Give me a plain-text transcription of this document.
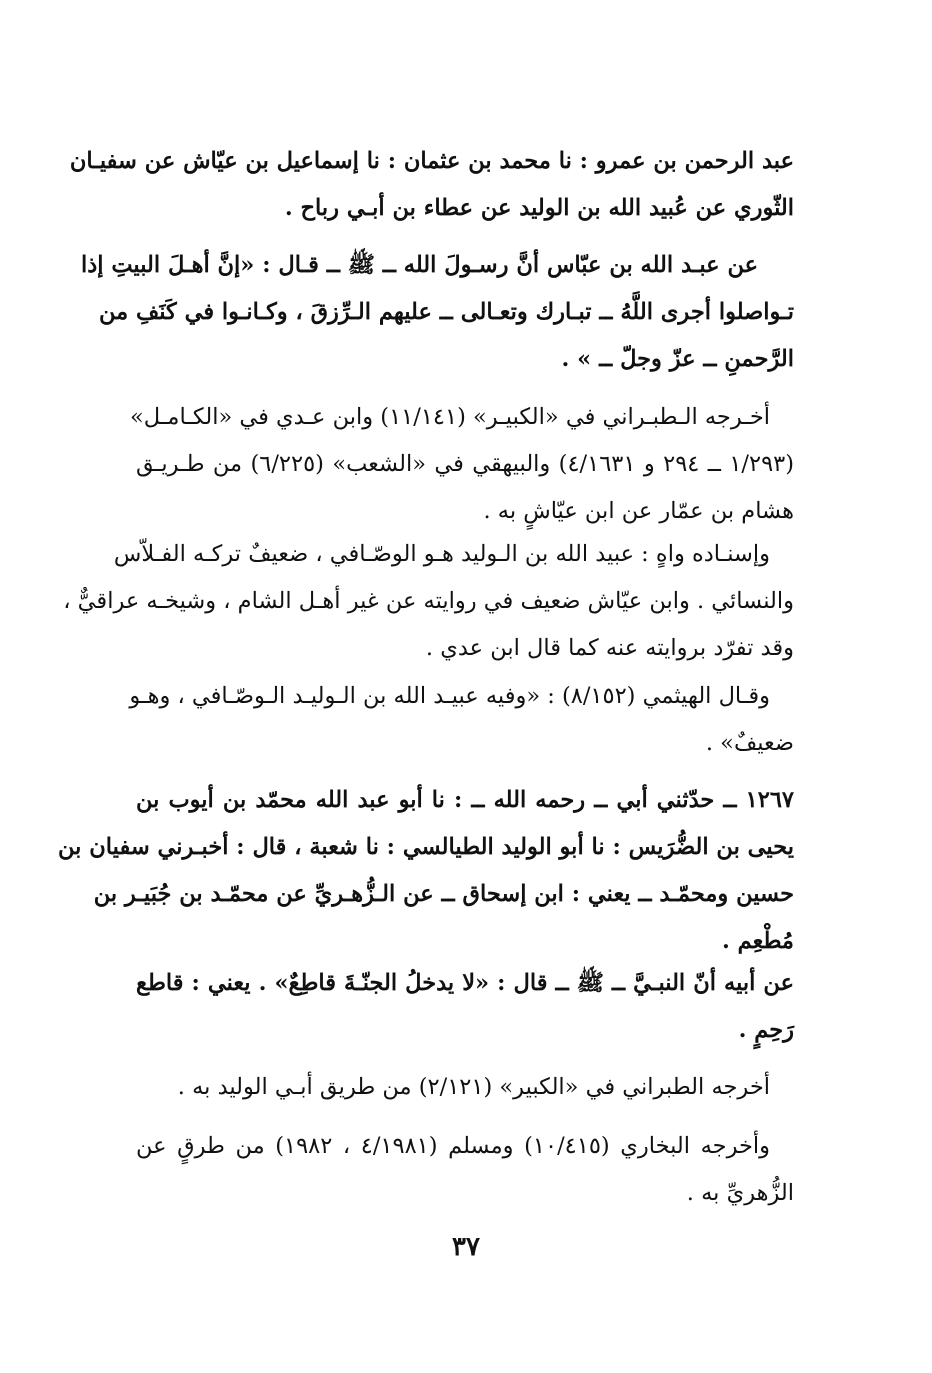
عبد الرحمن بن عمرو : نا محمد بن عثمان : نا إسماعيل بن عيّاش عن سفيـان
الثّوري عن عُبيد الله بن الوليد عن عطاء بن أبـي رباح .
عن عبـد الله بن عبّاس أنَّ رسـولَ الله ــ ﷺ ــ قـال : «إنَّ أهـلَ البيتِ إذا
تـواصلوا أجرى اللَّهُ ــ تبـارك وتعـالى ــ عليهم الـرِّزقَ ، وكـانـوا في كَنَفِ من
الرَّحمنِ ــ عزّ وجلّ ــ » .
أخـرجه الـطبـراني في «الكبيـر» (١١/١٤١) وابن عـدي في «الكـامـل»
(١/٢٩٣ ــ ٢٩٤ و ٤/١٦٣١) والبيهقي في «الشعب» (٦/٢٢٥) من طـريـق
هشام بن عمّار عن ابن عيّاشٍ به .
وإسنـاده واهٍ : عبيد الله بن الـوليد هـو الوصّـافي ، ضعيفٌ تركـه الفـلاّس
والنسائي . وابن عيّاش ضعيف في روايته عن غير أهـل الشام ، وشيخـه عراقيٌّ ،
وقد تفرّد بروايته عنه كما قال ابن عدي .
وقـال الهيثمي (٨/١٥٢) : «وفيه عبيـد الله بن الـوليـد الـوصّـافي ، وهـو
ضعيفٌ» .
١٢٦٧ ــ حدّثني أبي ــ رحمه الله ــ : نا أبو عبد الله محمّد بن أيوب بن
يحيى بن الضُّرَيس : نا أبو الوليد الطيالسي : نا شعبة ، قال : أخبـرني سفيان بن
حسين ومحمّـد ــ يعني : ابن إسحاق ــ عن الـزُّهـريِّ عن محمّـد بن جُبَيـر بن
مُطْعِم .
عن أبيه أنّ النبـيَّ ــ ﷺ ــ قال : «لا يدخلُ الجنّـةَ قاطِعٌ» . يعني : قاطع
رَحِمٍ .
أخرجه الطبراني في «الكبير» (٢/١٢١) من طريق أبـي الوليد به .
وأخرجه البخاري (١٠/٤١٥) ومسلم (٤/١٩٨١ ، ١٩٨٢) من طرقٍ عن
الزُّهريِّ به .
٣٧
